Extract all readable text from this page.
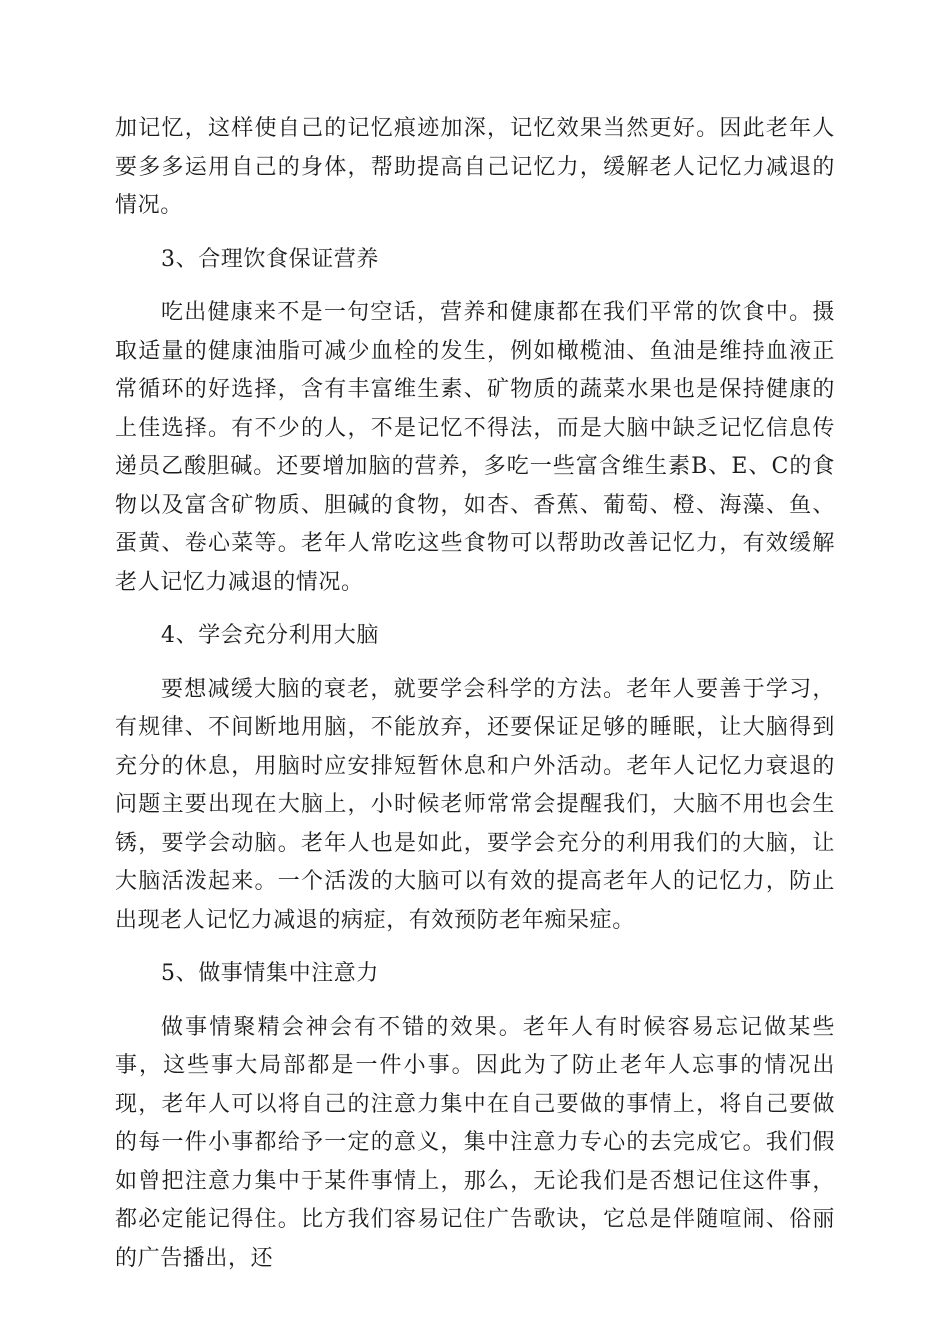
加记忆，这样使自己的记忆痕迹加深，记忆效果当然更好。因此老年人要多多运用自己的身体，帮助提高自己记忆力，缓解老人记忆力减退的情况。

3、合理饮食保证营养

吃出健康来不是一句空话，营养和健康都在我们平常的饮食中。摄取适量的健康油脂可减少血栓的发生，例如橄榄油、鱼油是维持血液正常循环的好选择，含有丰富维生素、矿物质的蔬菜水果也是保持健康的上佳选择。有不少的人，不是记忆不得法，而是大脑中缺乏记忆信息传递员乙酸胆碱。还要增加脑的营养，多吃一些富含维生素B、E、C的食物以及富含矿物质、胆碱的食物，如杏、香蕉、葡萄、橙、海藻、鱼、蛋黄、卷心菜等。老年人常吃这些食物可以帮助改善记忆力，有效缓解老人记忆力减退的情况。

4、学会充分利用大脑

要想减缓大脑的衰老，就要学会科学的方法。老年人要善于学习，有规律、不间断地用脑，不能放弃，还要保证足够的睡眠，让大脑得到充分的休息，用脑时应安排短暂休息和户外活动。老年人记忆力衰退的问题主要出现在大脑上，小时候老师常常会提醒我们，大脑不用也会生锈，要学会动脑。老年人也是如此，要学会充分的利用我们的大脑，让大脑活泼起来。一个活泼的大脑可以有效的提高老年人的记忆力，防止出现老人记忆力减退的病症，有效预防老年痴呆症。

5、做事情集中注意力

做事情聚精会神会有不错的效果。老年人有时候容易忘记做某些事，这些事大局部都是一件小事。因此为了防止老年人忘事的情况出现，老年人可以将自己的注意力集中在自己要做的事情上，将自己要做的每一件小事都给予一定的意义，集中注意力专心的去完成它。我们假如曾把注意力集中于某件事情上，那么，无论我们是否想记住这件事，都必定能记得住。比方我们容易记住广告歌诀，它总是伴随喧闹、俗丽的广告播出，还
